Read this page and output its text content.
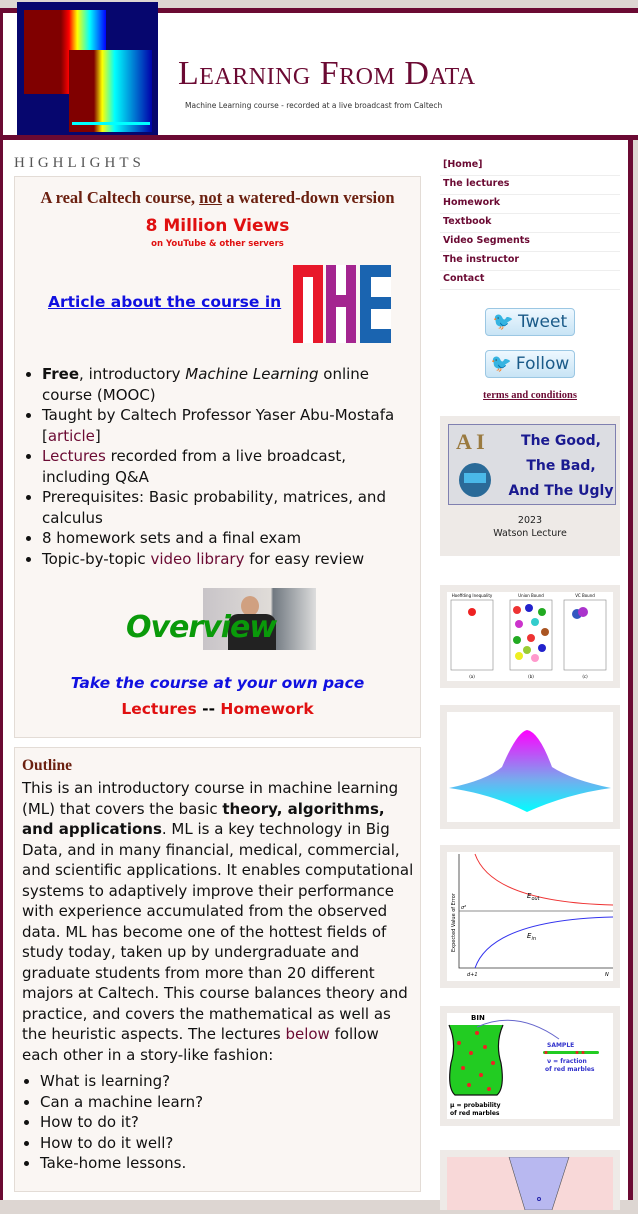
Learning From Data
Machine Learning course - recorded at a live broadcast from Caltech
HIGHLIGHTS
A real Caltech course, not a watered-down version
8 Million Views
on YouTube & other servers
Article about the course in
• Free, introductory Machine Learning online course (MOOC)
• Taught by Caltech Professor Yaser Abu-Mostafa [article]
• Lectures recorded from a live broadcast, including Q&A
• Prerequisites: Basic probability, matrices, and calculus
• 8 homework sets and a final exam
• Topic-by-topic video library for easy review
Overview
Take the course at your own pace
Lectures -- Homework
Outline
This is an introductory course in machine learning (ML) that covers the basic theory, algorithms, and applications. ML is a key technology in Big Data, and in many financial, medical, commercial, and scientific applications. It enables computational systems to adaptively improve their performance with experience accumulated from the observed data. ML has become one of the hottest fields of study today, taken up by undergraduate and graduate students from more than 20 different majors at Caltech. This course balances theory and practice, and covers the mathematical as well as the heuristic aspects. The lectures below follow each other in a story-like fashion:
• What is learning?
• Can a machine learn?
• How to do it?
• How to do it well?
• Take-home lessons.
[Home]
The lectures
Homework
Textbook
Video Segments
The instructor
Contact
🐦 Tweet
🐦 Follow
terms and conditions
A I	The Good,
The Bad,
And The Ugly
2023
Watson Lecture
Hoeffding Inequality	Union Bound	VC Bound
(a)	(b)	(c)
$E_{out}$
$E_{in}$
σ²
d+1	N
Expected Value of Error
BIN
SAMPLE
ν = fraction
of red marbles
μ = probability
of red marbles
